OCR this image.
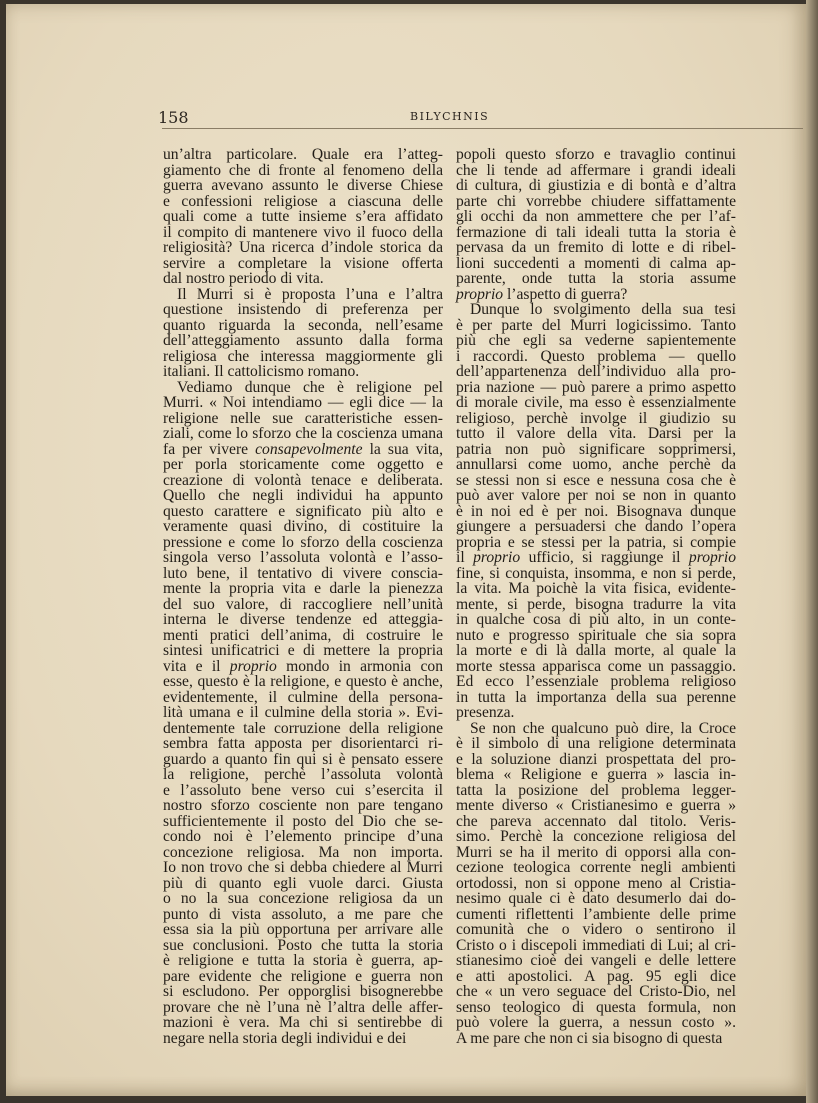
158	BILYCHNIS

un’altra particolare. Quale era l’atteg-

giamento che di fronte al fenomeno della

guerra avevano assunto le diverse Chiese

e confessioni religiose a ciascuna delle

quali come a tutte insieme s’era affidato

il compito di mantenere vivo il fuoco della

religiosità? Una ricerca d’indole storica da

servire a completare la visione offerta

dal nostro periodo di vita.

Il Murri si è proposta l’una e l’altra

questione insistendo di preferenza per

quanto riguarda la seconda, nell’esame

dell’atteggiamento assunto dalla forma

religiosa che interessa maggiormente gli

italiani. Il cattolicismo romano.

Vediamo dunque che è religione pel

Murri. « Noi intendiamo — egli dice — la

religione nelle sue caratteristiche essen-

ziali, come lo sforzo che la coscienza umana

fa per vivere consapevolmente la sua vita,

per porla storicamente come oggetto e

creazione di volontà tenace e deliberata.

Quello che negli individui ha appunto

questo carattere e significato più alto e

veramente quasi divino, di costituire la

pressione e come lo sforzo della coscienza

singola verso l’assoluta volontà e l’asso-

luto bene, il tentativo di vivere conscia-

mente la propria vita e darle la pienezza

del suo valore, di raccogliere nell’unità

interna le diverse tendenze ed atteggia-

menti pratici dell’anima, di costruire le

sintesi unificatrici e di mettere la propria

vita e il proprio mondo in armonia con

esse, questo è la religione, e questo è anche,

evidentemente, il culmine della persona-

lità umana e il culmine della storia ». Evi-

dentemente tale corruzione della religione

sembra fatta apposta per disorientarci ri-

guardo a quanto fin qui si è pensato essere

la religione, perchè l’assoluta volontà

e l’assoluto bene verso cui s’esercita il

nostro sforzo cosciente non pare tengano

sufficientemente il posto del Dio che se-

condo noi è l’elemento principe d’una

concezione religiosa. Ma non importa.

Io non trovo che si debba chiedere al Murri

più di quanto egli vuole darci. Giusta

o no la sua concezione religiosa da un

punto di vista assoluto, a me pare che

essa sia la più opportuna per arrivare alle

sue conclusioni. Posto che tutta la storia

è religione e tutta la storia è guerra, ap-

pare evidente che religione e guerra non

si escludono. Per opporglisi bisognerebbe

provare che nè l’una nè l’altra delle affer-

mazioni è vera. Ma chi si sentirebbe di

negare nella storia degli individui e dei

popoli questo sforzo e travaglio continui

che li tende ad affermare i grandi ideali

di cultura, di giustizia e di bontà e d’altra

parte chi vorrebbe chiudere siffattamente

gli occhi da non ammettere che per l’af-

fermazione di tali ideali tutta la storia è

pervasa da un fremito di lotte e di ribel-

lioni succedenti a momenti di calma ap-

parente, onde tutta la storia assume

proprio l’aspetto di guerra?

Dunque lo svolgimento della sua tesi

è per parte del Murri logicissimo. Tanto

più che egli sa vederne sapientemente

i raccordi. Questo problema — quello

dell’appartenenza dell’individuo alla pro-

pria nazione — può parere a primo aspetto

di morale civile, ma esso è essenzialmente

religioso, perchè involge il giudizio su

tutto il valore della vita. Darsi per la

patria non può significare sopprimersi,

annullarsi come uomo, anche perchè da

se stessi non si esce e nessuna cosa che è

può aver valore per noi se non in quanto

è in noi ed è per noi. Bisognava dunque

giungere a persuadersi che dando l’opera

propria e se stessi per la patria, si compie

il proprio ufficio, si raggiunge il proprio

fine, si conquista, insomma, e non si perde,

la vita. Ma poichè la vita fisica, evidente-

mente, si perde, bisogna tradurre la vita

in qualche cosa di più alto, in un conte-

nuto e progresso spirituale che sia sopra

la morte e di là dalla morte, al quale la

morte stessa apparisca come un passaggio.

Ed ecco l’essenziale problema religioso

in tutta la importanza della sua perenne

presenza.

Se non che qualcuno può dire, la Croce

è il simbolo di una religione determinata

e la soluzione dianzi prospettata del pro-

blema « Religione e guerra » lascia in-

tatta la posizione del problema legger-

mente diverso « Cristianesimo e guerra »

che pareva accennato dal titolo. Veris-

simo. Perchè la concezione religiosa del

Murri se ha il merito di opporsi alla con-

cezione teologica corrente negli ambienti

ortodossi, non si oppone meno al Cristia-

nesimo quale ci è dato desumerlo dai do-

cumenti riflettenti l’ambiente delle prime

comunità che o videro o sentirono il

Cristo o i discepoli immediati di Lui; al cri-

stianesimo cioè dei vangeli e delle lettere

e atti apostolici. A pag. 95 egli dice

che « un vero seguace del Cristo-Dio, nel

senso teologico di questa formula, non

può volere la guerra, a nessun costo ».

A me pare che non ci sia bisogno di questa
